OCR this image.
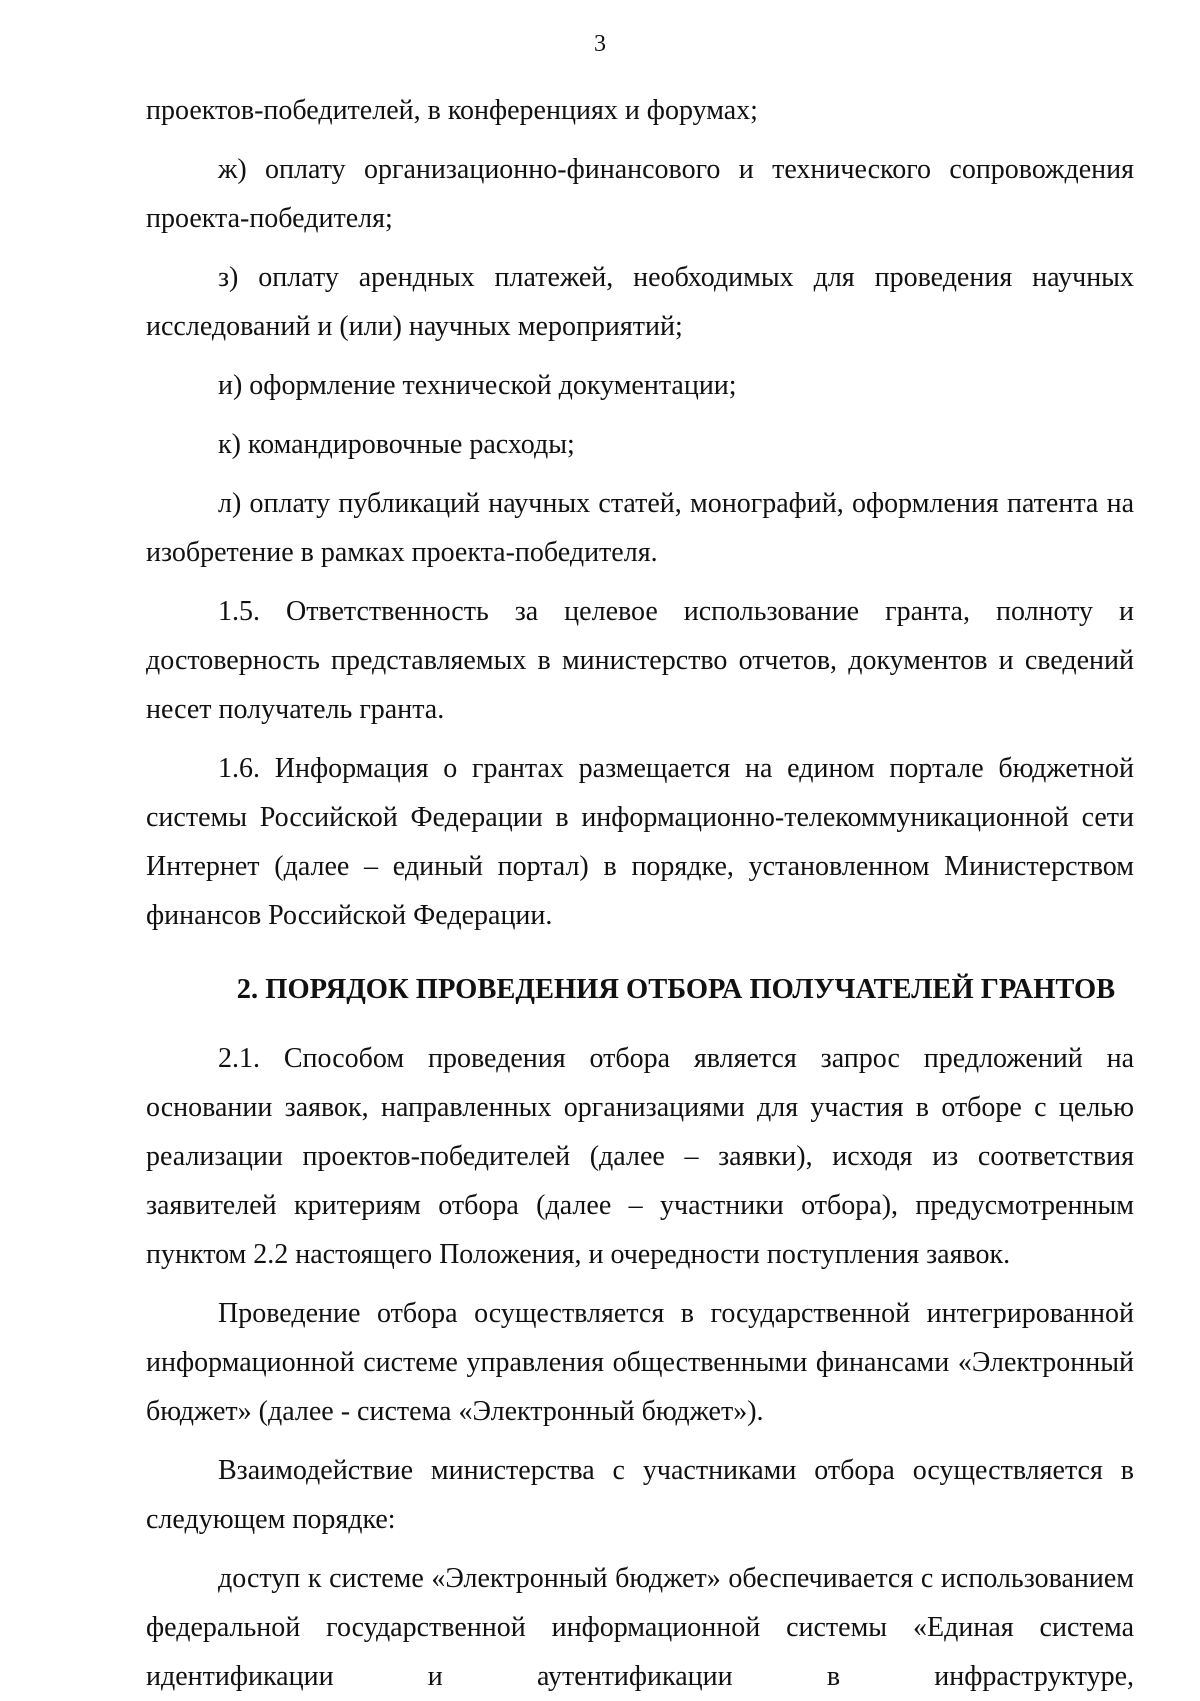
3

проектов-победителей, в конференциях и форумах;

ж) оплату организационно-финансового и технического сопровождения проекта-победителя;

з) оплату арендных платежей, необходимых для проведения научных исследований и (или) научных мероприятий;

и) оформление технической документации;

к) командировочные расходы;

л) оплату публикаций научных статей, монографий, оформления патента на изобретение в рамках проекта-победителя.

1.5. Ответственность за целевое использование гранта, полноту и достоверность представляемых в министерство отчетов, документов и сведений несет получатель гранта.

1.6. Информация о грантах размещается на едином портале бюджетной системы Российской Федерации в информационно-телекоммуникационной сети Интернет (далее – единый портал) в порядке, установленном Министерством финансов Российской Федерации.

2. ПОРЯДОК ПРОВЕДЕНИЯ ОТБОРА ПОЛУЧАТЕЛЕЙ ГРАНТОВ

2.1. Способом проведения отбора является запрос предложений на основании заявок, направленных организациями для участия в отборе с целью реализации проектов-победителей (далее – заявки), исходя из соответствия заявителей критериям отбора (далее – участники отбора), предусмотренным пунктом 2.2 настоящего Положения, и очередности поступления заявок.

Проведение отбора осуществляется в государственной интегрированной информационной системе управления общественными финансами «Электронный бюджет» (далее - система «Электронный бюджет»).

Взаимодействие министерства с участниками отбора осуществляется в следующем порядке:

доступ к системе «Электронный бюджет» обеспечивается с использованием федеральной государственной информационной системы «Единая система идентификации и аутентификации в инфраструктуре,
